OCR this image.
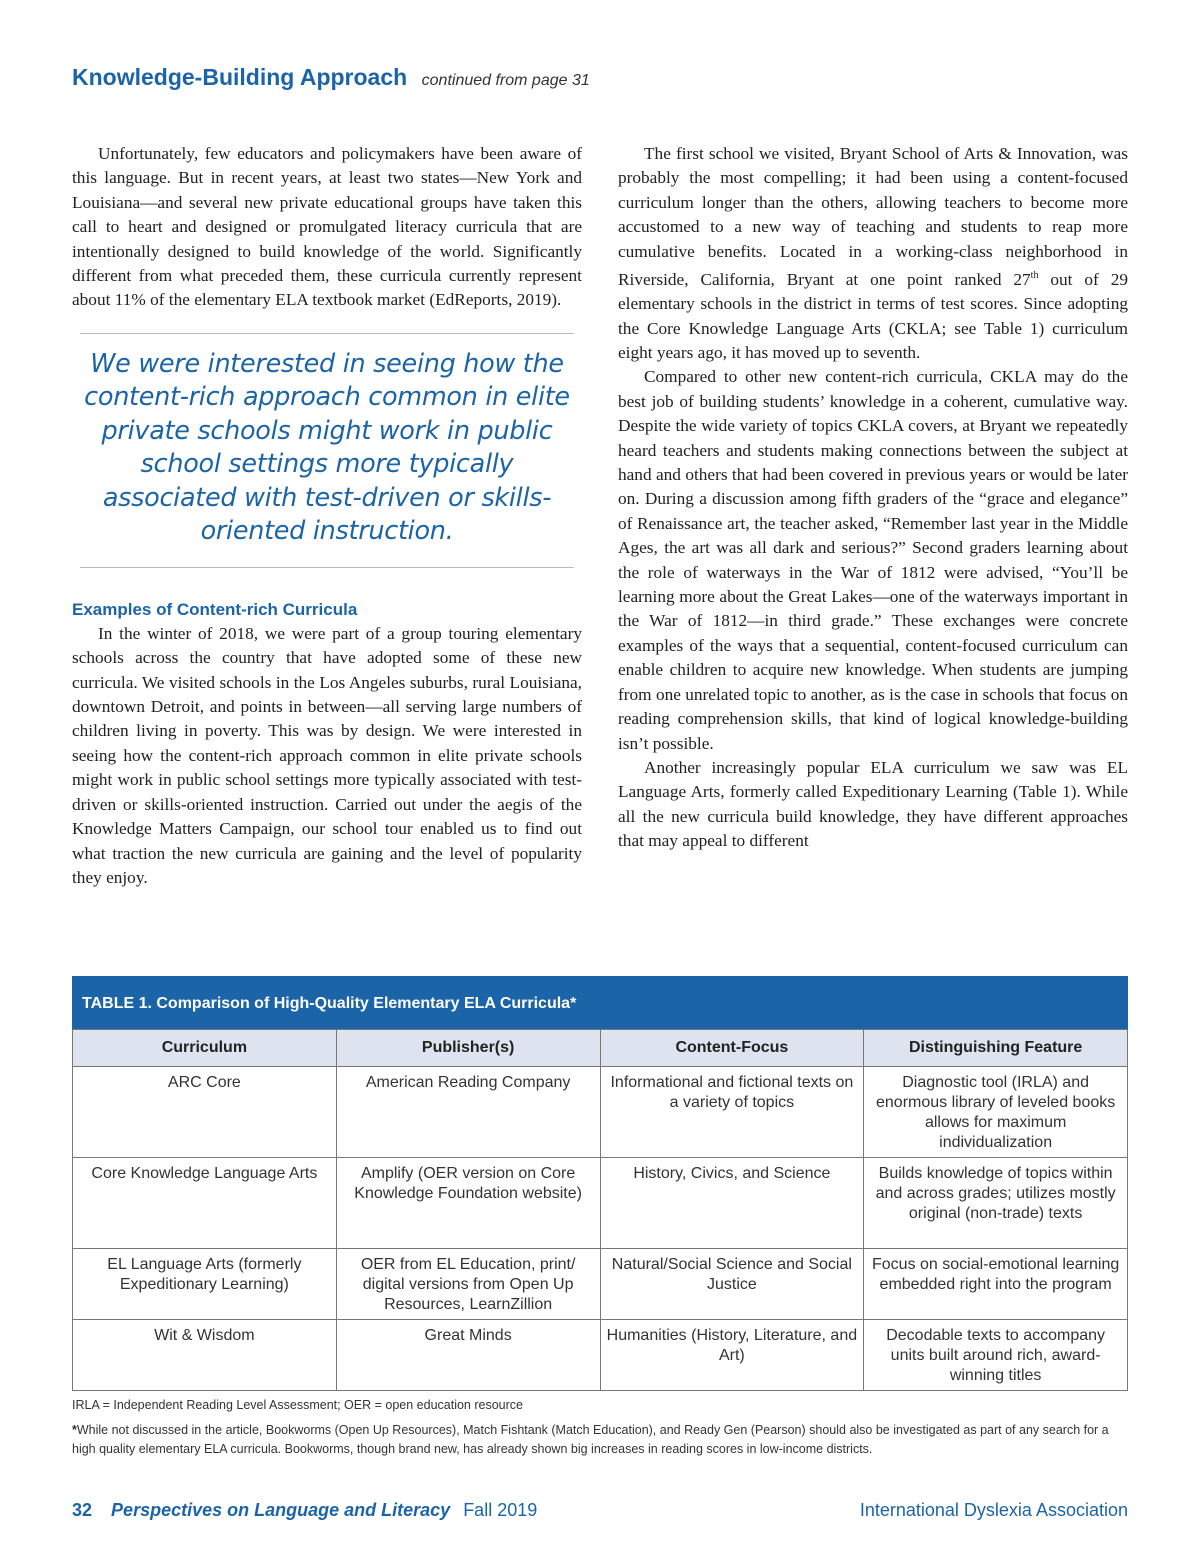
Knowledge-Building Approach continued from page 31

Unfortunately, few educators and policymakers have been aware of this language. But in recent years, at least two states—New York and Louisiana—and several new private educational groups have taken this call to heart and designed or promulgated literacy curricula that are intentionally designed to build knowledge of the world. Significantly different from what preceded them, these curricula currently represent about 11% of the elementary ELA textbook market (EdReports, 2019).

We were interested in seeing how the content-rich approach common in elite private schools might work in public school settings more typically associated with test-driven or skills-oriented instruction.
Examples of Content-rich Curricula

In the winter of 2018, we were part of a group touring elementary schools across the country that have adopted some of these new curricula. We visited schools in the Los Angeles suburbs, rural Louisiana, downtown Detroit, and points in between—all serving large numbers of children living in poverty. This was by design. We were interested in seeing how the content-rich approach common in elite private schools might work in public school settings more typically associated with test-driven or skills-oriented instruction. Carried out under the aegis of the Knowledge Matters Campaign, our school tour enabled us to find out what traction the new curricula are gaining and the level of popularity they enjoy.

The first school we visited, Bryant School of Arts & Innovation, was probably the most compelling; it had been using a content-focused curriculum longer than the others, allowing teachers to become more accustomed to a new way of teaching and students to reap more cumulative benefits. Located in a working-class neighborhood in Riverside, California, Bryant at one point ranked 27th out of 29 elementary schools in the district in terms of test scores. Since adopting the Core Knowledge Language Arts (CKLA; see Table 1) curriculum eight years ago, it has moved up to seventh.

Compared to other new content-rich curricula, CKLA may do the best job of building students’ knowledge in a coherent, cumulative way. Despite the wide variety of topics CKLA covers, at Bryant we repeatedly heard teachers and students making connections between the subject at hand and others that had been covered in previous years or would be later on. During a discussion among fifth graders of the “grace and elegance” of Renaissance art, the teacher asked, “Remember last year in the Middle Ages, the art was all dark and serious?” Second graders learning about the role of waterways in the War of 1812 were advised, “You’ll be learning more about the Great Lakes—one of the waterways important in the War of 1812—in third grade.” These exchanges were concrete examples of the ways that a sequential, content-focused curriculum can enable children to acquire new knowledge. When students are jumping from one unrelated topic to another, as is the case in schools that focus on reading comprehension skills, that kind of logical knowledge-building isn’t possible.

Another increasingly popular ELA curriculum we saw was EL Language Arts, formerly called Expeditionary Learning (Table 1). While all the new curricula build knowledge, they have different approaches that may appeal to different

TABLE 1. Comparison of High-Quality Elementary ELA Curricula*
Curriculum	Publisher(s)	Content-Focus	Distinguishing Feature
ARC Core	American Reading Company	Informational and fictional texts on a variety of topics	Diagnostic tool (IRLA) and enormous library of leveled books allows for maximum individualization
Core Knowledge Language Arts	Amplify (OER version on Core Knowledge Foundation website)	History, Civics, and Science	Builds knowledge of topics within and across grades; utilizes mostly original (non-trade) texts
EL Language Arts (formerly Expeditionary Learning)	OER from EL Education, print/ digital versions from Open Up Resources, LearnZillion	Natural/Social Science and Social Justice	Focus on social-emotional learning embedded right into the program
Wit & Wisdom	Great Minds	Humanities (History, Literature, and Art)	Decodable texts to accompany units built around rich, award-winning titles

IRLA = Independent Reading Level Assessment; OER = open education resource

*While not discussed in the article, Bookworms (Open Up Resources), Match Fishtank (Match Education), and Ready Gen (Pearson) should also be investigated as part of any search for a high quality elementary ELA curricula. Bookworms, though brand new, has already shown big increases in reading scores in low-income districts.

32 Perspectives on Language and Literacy Fall 2019	International Dyslexia Association
